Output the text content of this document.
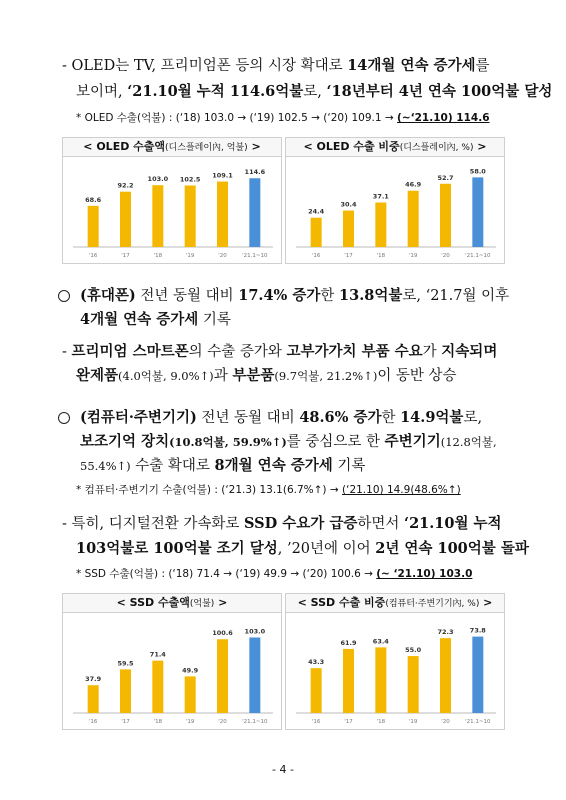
- OLED는 TV, 프리미엄폰 등의 시장 확대로 14개월 연속 증가세를
보이며, ‘21.10월 누적 114.6억불로, ‘18년부터 4년 연속 100억불 달성
* OLED 수출(억불) : (‘18) 103.0 → (‘19) 102.5 → (‘20) 109.1 → (~‘21.10) 114.6
< OLED 수출액(디스플레이內, 억불) >
68.6
'16
92.2
'17
103.0
'18
102.5
'19
109.1
'20
114.6
'21.1~10
< OLED 수출 비중(디스플레이內, %) >
24.4
'16
30.4
'17
37.1
'18
46.9
'19
52.7
'20
58.0
'21.1~10
(휴대폰) 전년 동월 대비 17.4% 증가한 13.8억불로, ‘21.7월 이후
4개월 연속 증가세 기록
- 프리미엄 스마트폰의 수출 증가와 고부가가치 부품 수요가 지속되며
완제품(4.0억불, 9.0%↑)과 부분품(9.7억불, 21.2%↑)이 동반 상승
(컴퓨터·주변기기) 전년 동월 대비 48.6% 증가한 14.9억불로,
보조기억 장치(10.8억불, 59.9%↑)를 중심으로 한 주변기기(12.8억불,
55.4%↑) 수출 확대로 8개월 연속 증가세 기록
* 컴퓨터·주변기기 수출(억불) : (‘21.3) 13.1(6.7%↑) → (‘21.10) 14.9(48.6%↑)
- 특히, 디지털전환 가속화로 SSD 수요가 급증하면서 ‘21.10월 누적
103억불로 100억불 조기 달성, ’20년에 이어 2년 연속 100억불 돌파
* SSD 수출(억불) : (‘18) 71.4 → (‘19) 49.9 → (‘20) 100.6 → (~ ‘21.10) 103.0
< SSD 수출액(억불) >
37.9
'16
59.5
'17
71.4
'18
49.9
'19
100.6
'20
103.0
'21.1~10
< SSD 수출 비중(컴퓨터·주변기기內, %) >
43.3
'16
61.9
'17
63.4
'18
55.0
'19
72.3
'20
73.8
'21.1~10
- 4 -
